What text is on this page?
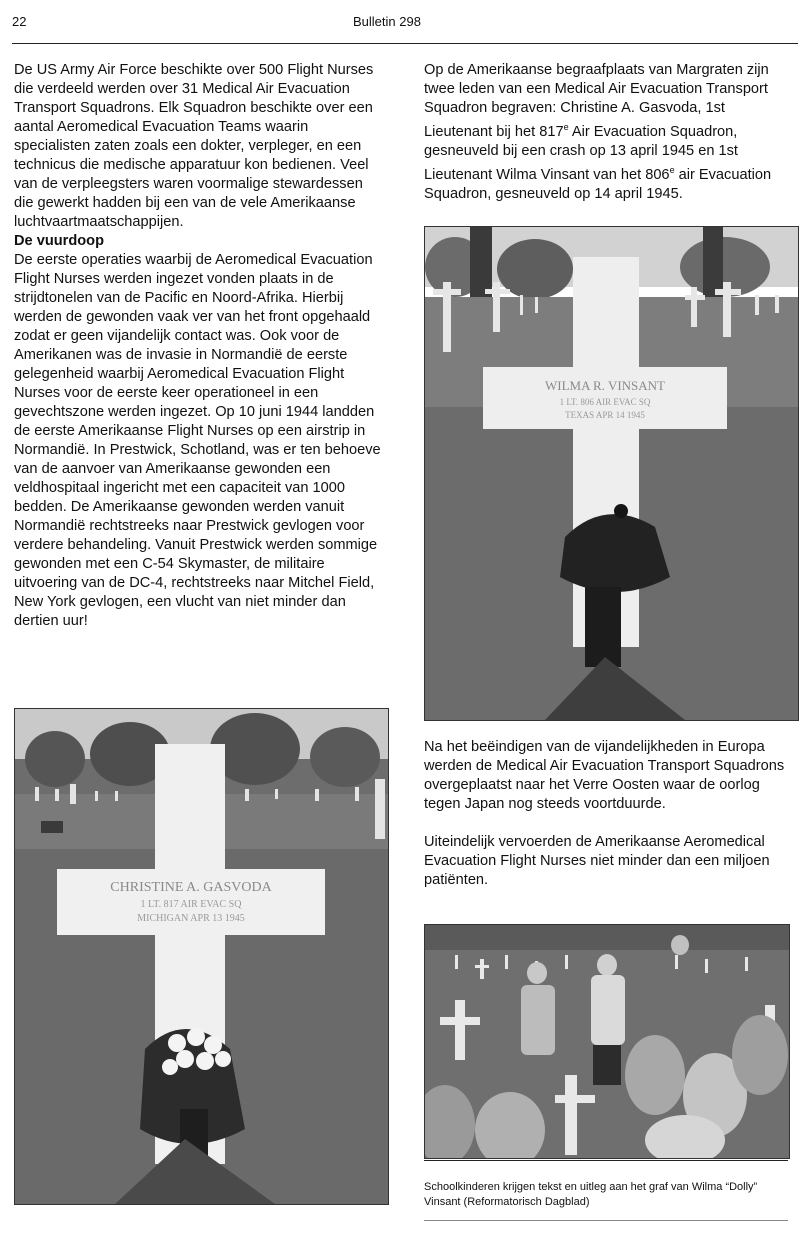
22	Bulletin 298

De US Army Air Force beschikte over 500 Flight Nurses die verdeeld werden over 31 Medical Air Evacuation Transport Squadrons. Elk Squadron beschikte over een aantal Aeromedical Evacuation Teams waarin specialisten zaten zoals een dokter, verpleger, en een technicus die medische apparatuur kon bedienen. Veel van de verpleegsters waren voormalige stewardessen die gewerkt hadden bij een van de vele Amerikaanse luchtvaartmaatschappijen.

De vuurdoop

De eerste operaties waarbij de Aeromedical Evacuation Flight Nurses werden ingezet vonden plaats in de strijdtonelen van de Pacific en Noord-Afrika. Hierbij werden de gewonden vaak ver van het front opgehaald zodat er geen vijandelijk contact was. Ook voor de Amerikanen was de invasie in Normandië de eerste gelegenheid waarbij Aeromedical Evacuation Flight Nurses voor de eerste keer operationeel in een gevechtszone werden ingezet. Op 10 juni 1944 landden de eerste Amerikaanse Flight Nurses op een airstrip in Normandië. In Prestwick, Schotland, was er ten behoeve van de aanvoer van Amerikaanse gewonden een veldhospitaal ingericht met een capaciteit van 1000 bedden. De Amerikaanse gewonden werden vanuit Normandië rechtstreeks naar Prestwick gevlogen voor verdere behandeling. Vanuit Prestwick werden sommige gewonden met een C-54 Skymaster, de militaire uitvoering van de DC-4, rechtstreeks naar Mitchel Field, New York gevlogen, een vlucht van niet minder dan dertien uur!

Op de Amerikaanse begraafplaats van Margraten zijn twee leden van een Medical Air Evacuation Transport Squadron begraven: Christine A. Gasvoda, 1st Lieutenant bij het 817e Air Evacuation Squadron, gesneuveld bij een crash op 13 april 1945 en 1st Lieutenant Wilma Vinsant van het 806e air Evacuation Squadron, gesneuveld op 14 april 1945.

Na het beëindigen van de vijandelijkheden in Europa werden de Medical Air Evacuation Transport Squadrons overgeplaatst naar het Verre Oosten waar de oorlog tegen Japan nog steeds voortduurde.

Uiteindelijk vervoerden de Amerikaanse Aeromedical Evacuation Flight Nurses niet minder dan een miljoen patiënten.

CHRISTINE A. GASVODA
1 LT. 817 AIR EVAC SQ
MICHIGAN APR 13 1945
WILMA R. VINSANT
1 LT. 806 AIR EVAC SQ
TEXAS APR 14 1945
Schoolkinderen krijgen tekst en uitleg aan het graf van Wilma “Dolly” Vinsant (Reformatorisch Dagblad)
